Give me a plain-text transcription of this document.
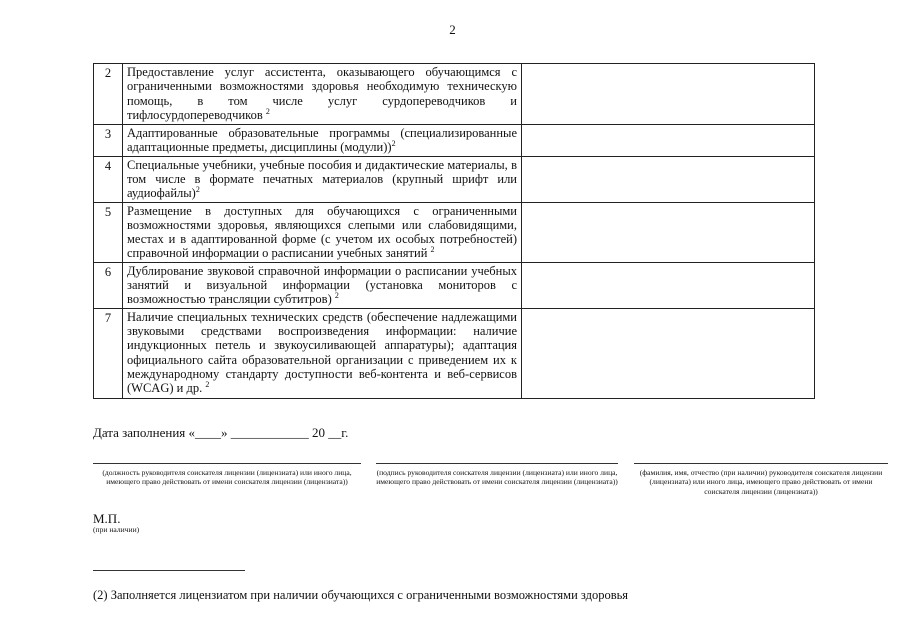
2
2	Предоставление услуг ассистента, оказывающего обучающимся с ограниченными возможностями здоровья необходимую техническую помощь, в том числе услуг сурдопереводчиков и тифлосурдопереводчиков $^2$	
3	Адаптированные образовательные программы (специализированные адаптационные предметы, дисциплины (модули))$^2$	
4	Специальные учебники, учебные пособия и дидактические материалы, в том числе в формате печатных материалов (крупный шрифт или аудиофайлы)$^2$	
5	Размещение в доступных для обучающихся с ограниченными возможностями здоровья, являющихся слепыми или слабовидящими, местах и в адаптированной форме (с учетом их особых потребностей) справочной информации о расписании учебных занятий $^2$	
6	Дублирование звуковой справочной информации о расписании учебных занятий и визуальной информации (установка мониторов с возможностью трансляции субтитров) $^2$	
7	Наличие специальных технических средств (обеспечение надлежащими звуковыми средствами воспроизведения информации: наличие индукционных петель и звукоусиливающей аппаратуры); адаптация официального сайта образовательной организации с приведением их к международному стандарту доступности веб-контента и веб-сервисов (WCAG) и др. $^2$	
Дата заполнения «____» ____________ 20 __г.
(должность руководителя соискателя лицензии (лицензиата) или иного лица, имеющего право действовать от имени соискателя лицензии (лицензиата))
(подпись руководителя соискателя лицензии (лицензиата) или иного лица, имеющего право действовать от имени соискателя лицензии (лицензиата))
(фамилия, имя, отчество (при наличии) руководителя соискателя лицензии (лицензиата) или иного лица, имеющего право действовать от имени соискателя лицензии (лицензиата))
М.П.
(при наличии)
(2) Заполняется лицензиатом при наличии обучающихся с ограниченными возможностями здоровья
